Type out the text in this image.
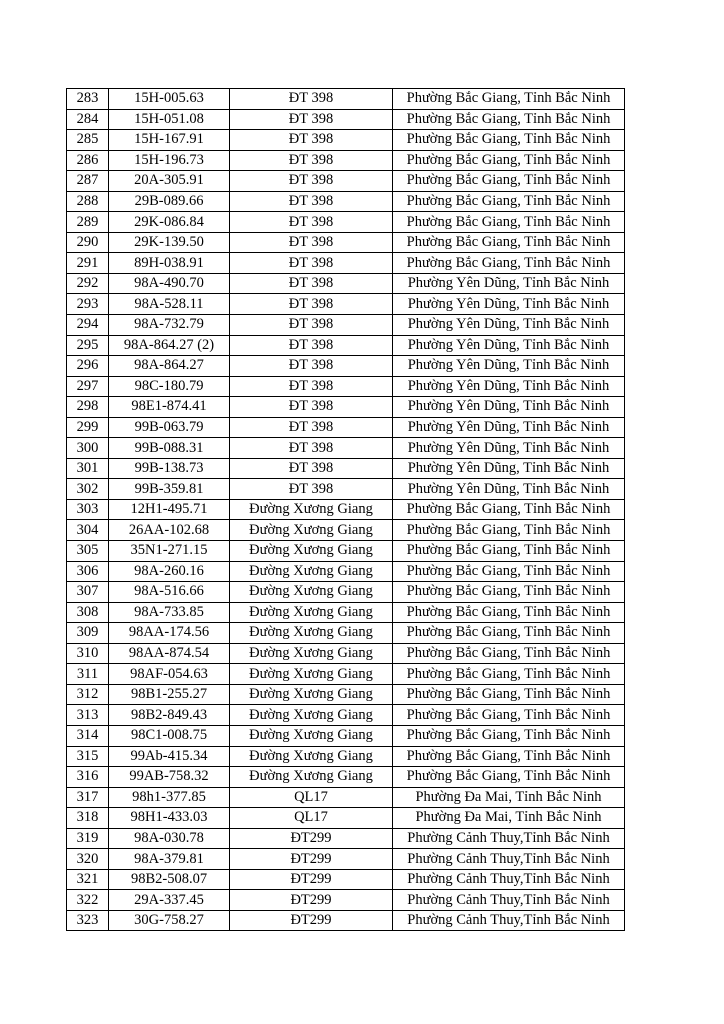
283	15H-005.63	ĐT 398	Phường Bắc Giang, Tỉnh Bắc Ninh
284	15H-051.08	ĐT 398	Phường Bắc Giang, Tỉnh Bắc Ninh
285	15H-167.91	ĐT 398	Phường Bắc Giang, Tỉnh Bắc Ninh
286	15H-196.73	ĐT 398	Phường Bắc Giang, Tỉnh Bắc Ninh
287	20A-305.91	ĐT 398	Phường Bắc Giang, Tỉnh Bắc Ninh
288	29B-089.66	ĐT 398	Phường Bắc Giang, Tỉnh Bắc Ninh
289	29K-086.84	ĐT 398	Phường Bắc Giang, Tỉnh Bắc Ninh
290	29K-139.50	ĐT 398	Phường Bắc Giang, Tỉnh Bắc Ninh
291	89H-038.91	ĐT 398	Phường Bắc Giang, Tỉnh Bắc Ninh
292	98A-490.70	ĐT 398	Phường Yên Dũng, Tỉnh Bắc Ninh
293	98A-528.11	ĐT 398	Phường Yên Dũng, Tỉnh Bắc Ninh
294	98A-732.79	ĐT 398	Phường Yên Dũng, Tỉnh Bắc Ninh
295	98A-864.27 (2)	ĐT 398	Phường Yên Dũng, Tỉnh Bắc Ninh
296	98A-864.27	ĐT 398	Phường Yên Dũng, Tỉnh Bắc Ninh
297	98C-180.79	ĐT 398	Phường Yên Dũng, Tỉnh Bắc Ninh
298	98E1-874.41	ĐT 398	Phường Yên Dũng, Tỉnh Bắc Ninh
299	99B-063.79	ĐT 398	Phường Yên Dũng, Tỉnh Bắc Ninh
300	99B-088.31	ĐT 398	Phường Yên Dũng, Tỉnh Bắc Ninh
301	99B-138.73	ĐT 398	Phường Yên Dũng, Tỉnh Bắc Ninh
302	99B-359.81	ĐT 398	Phường Yên Dũng, Tỉnh Bắc Ninh
303	12H1-495.71	Đường Xương Giang	Phường Bắc Giang, Tỉnh Bắc Ninh
304	26AA-102.68	Đường Xương Giang	Phường Bắc Giang, Tỉnh Bắc Ninh
305	35N1-271.15	Đường Xương Giang	Phường Bắc Giang, Tỉnh Bắc Ninh
306	98A-260.16	Đường Xương Giang	Phường Bắc Giang, Tỉnh Bắc Ninh
307	98A-516.66	Đường Xương Giang	Phường Bắc Giang, Tỉnh Bắc Ninh
308	98A-733.85	Đường Xương Giang	Phường Bắc Giang, Tỉnh Bắc Ninh
309	98AA-174.56	Đường Xương Giang	Phường Bắc Giang, Tỉnh Bắc Ninh
310	98AA-874.54	Đường Xương Giang	Phường Bắc Giang, Tỉnh Bắc Ninh
311	98AF-054.63	Đường Xương Giang	Phường Bắc Giang, Tỉnh Bắc Ninh
312	98B1-255.27	Đường Xương Giang	Phường Bắc Giang, Tỉnh Bắc Ninh
313	98B2-849.43	Đường Xương Giang	Phường Bắc Giang, Tỉnh Bắc Ninh
314	98C1-008.75	Đường Xương Giang	Phường Bắc Giang, Tỉnh Bắc Ninh
315	99Ab-415.34	Đường Xương Giang	Phường Bắc Giang, Tỉnh Bắc Ninh
316	99AB-758.32	Đường Xương Giang	Phường Bắc Giang, Tỉnh Bắc Ninh
317	98h1-377.85	QL17	Phường Đa Mai, Tỉnh Bắc Ninh
318	98H1-433.03	QL17	Phường Đa Mai, Tỉnh Bắc Ninh
319	98A-030.78	ĐT299	Phường Cảnh Thuy,Tỉnh Bắc Ninh
320	98A-379.81	ĐT299	Phường Cảnh Thuy,Tỉnh Bắc Ninh
321	98B2-508.07	ĐT299	Phường Cảnh Thuy,Tỉnh Bắc Ninh
322	29A-337.45	ĐT299	Phường Cảnh Thuy,Tỉnh Bắc Ninh
323	30G-758.27	ĐT299	Phường Cảnh Thuy,Tỉnh Bắc Ninh
